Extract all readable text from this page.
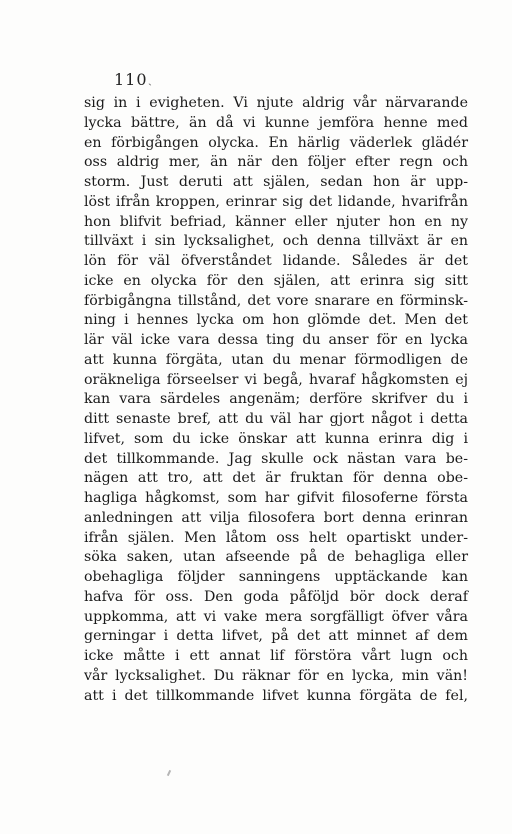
110 ˎ
sig in i evigheten. Vi njute aldrig vår närvarande
lycka bättre, än då vi kunne jemföra henne med
en förbigången olycka. En härlig väderlek glädér
oss aldrig mer, än när den följer efter regn och
storm. Just deruti att själen, sedan hon är upp-
löst ifrån kroppen, erinrar sig det lidande, hvarifrån
hon blifvit befriad, känner eller njuter hon en ny
tillväxt i sin lycksalighet, och denna tillväxt är en
lön för väl öfverståndet lidande. Således är det
icke en olycka för den själen, att erinra sig sitt
förbigångna tillstånd, det vore snarare en förminsk-
ning i hennes lycka om hon glömde det. Men det
lär väl icke vara dessa ting du anser för en lycka
att kunna förgäta, utan du menar förmodligen de
oräkneliga förseelser vi begå, hvaraf hågkomsten ej
kan vara särdeles angenäm; derföre skrifver du i
ditt senaste bref, att du väl har gjort något i detta
lifvet, som du icke önskar att kunna erinra dig i
det tillkommande. Jag skulle ock nästan vara be-
nägen att tro, att det är fruktan för denna obe-
hagliga hågkomst, som har gifvit filosoferne första
anledningen att vilja filosofera bort denna erinran
ifrån själen. Men låtom oss helt opartiskt under-
söka saken, utan afseende på de behagliga eller
obehagliga följder sanningens upptäckande kan
hafva för oss. Den goda påföljd bör dock deraf
uppkomma, att vi vake mera sorgfälligt öfver våra
gerningar i detta lifvet, på det att minnet af dem
icke måtte i ett annat lif förstöra vårt lugn och
vår lycksalighet. Du räknar för en lycka, min vän!
att i det tillkommande lifvet kunna förgäta de fel,
